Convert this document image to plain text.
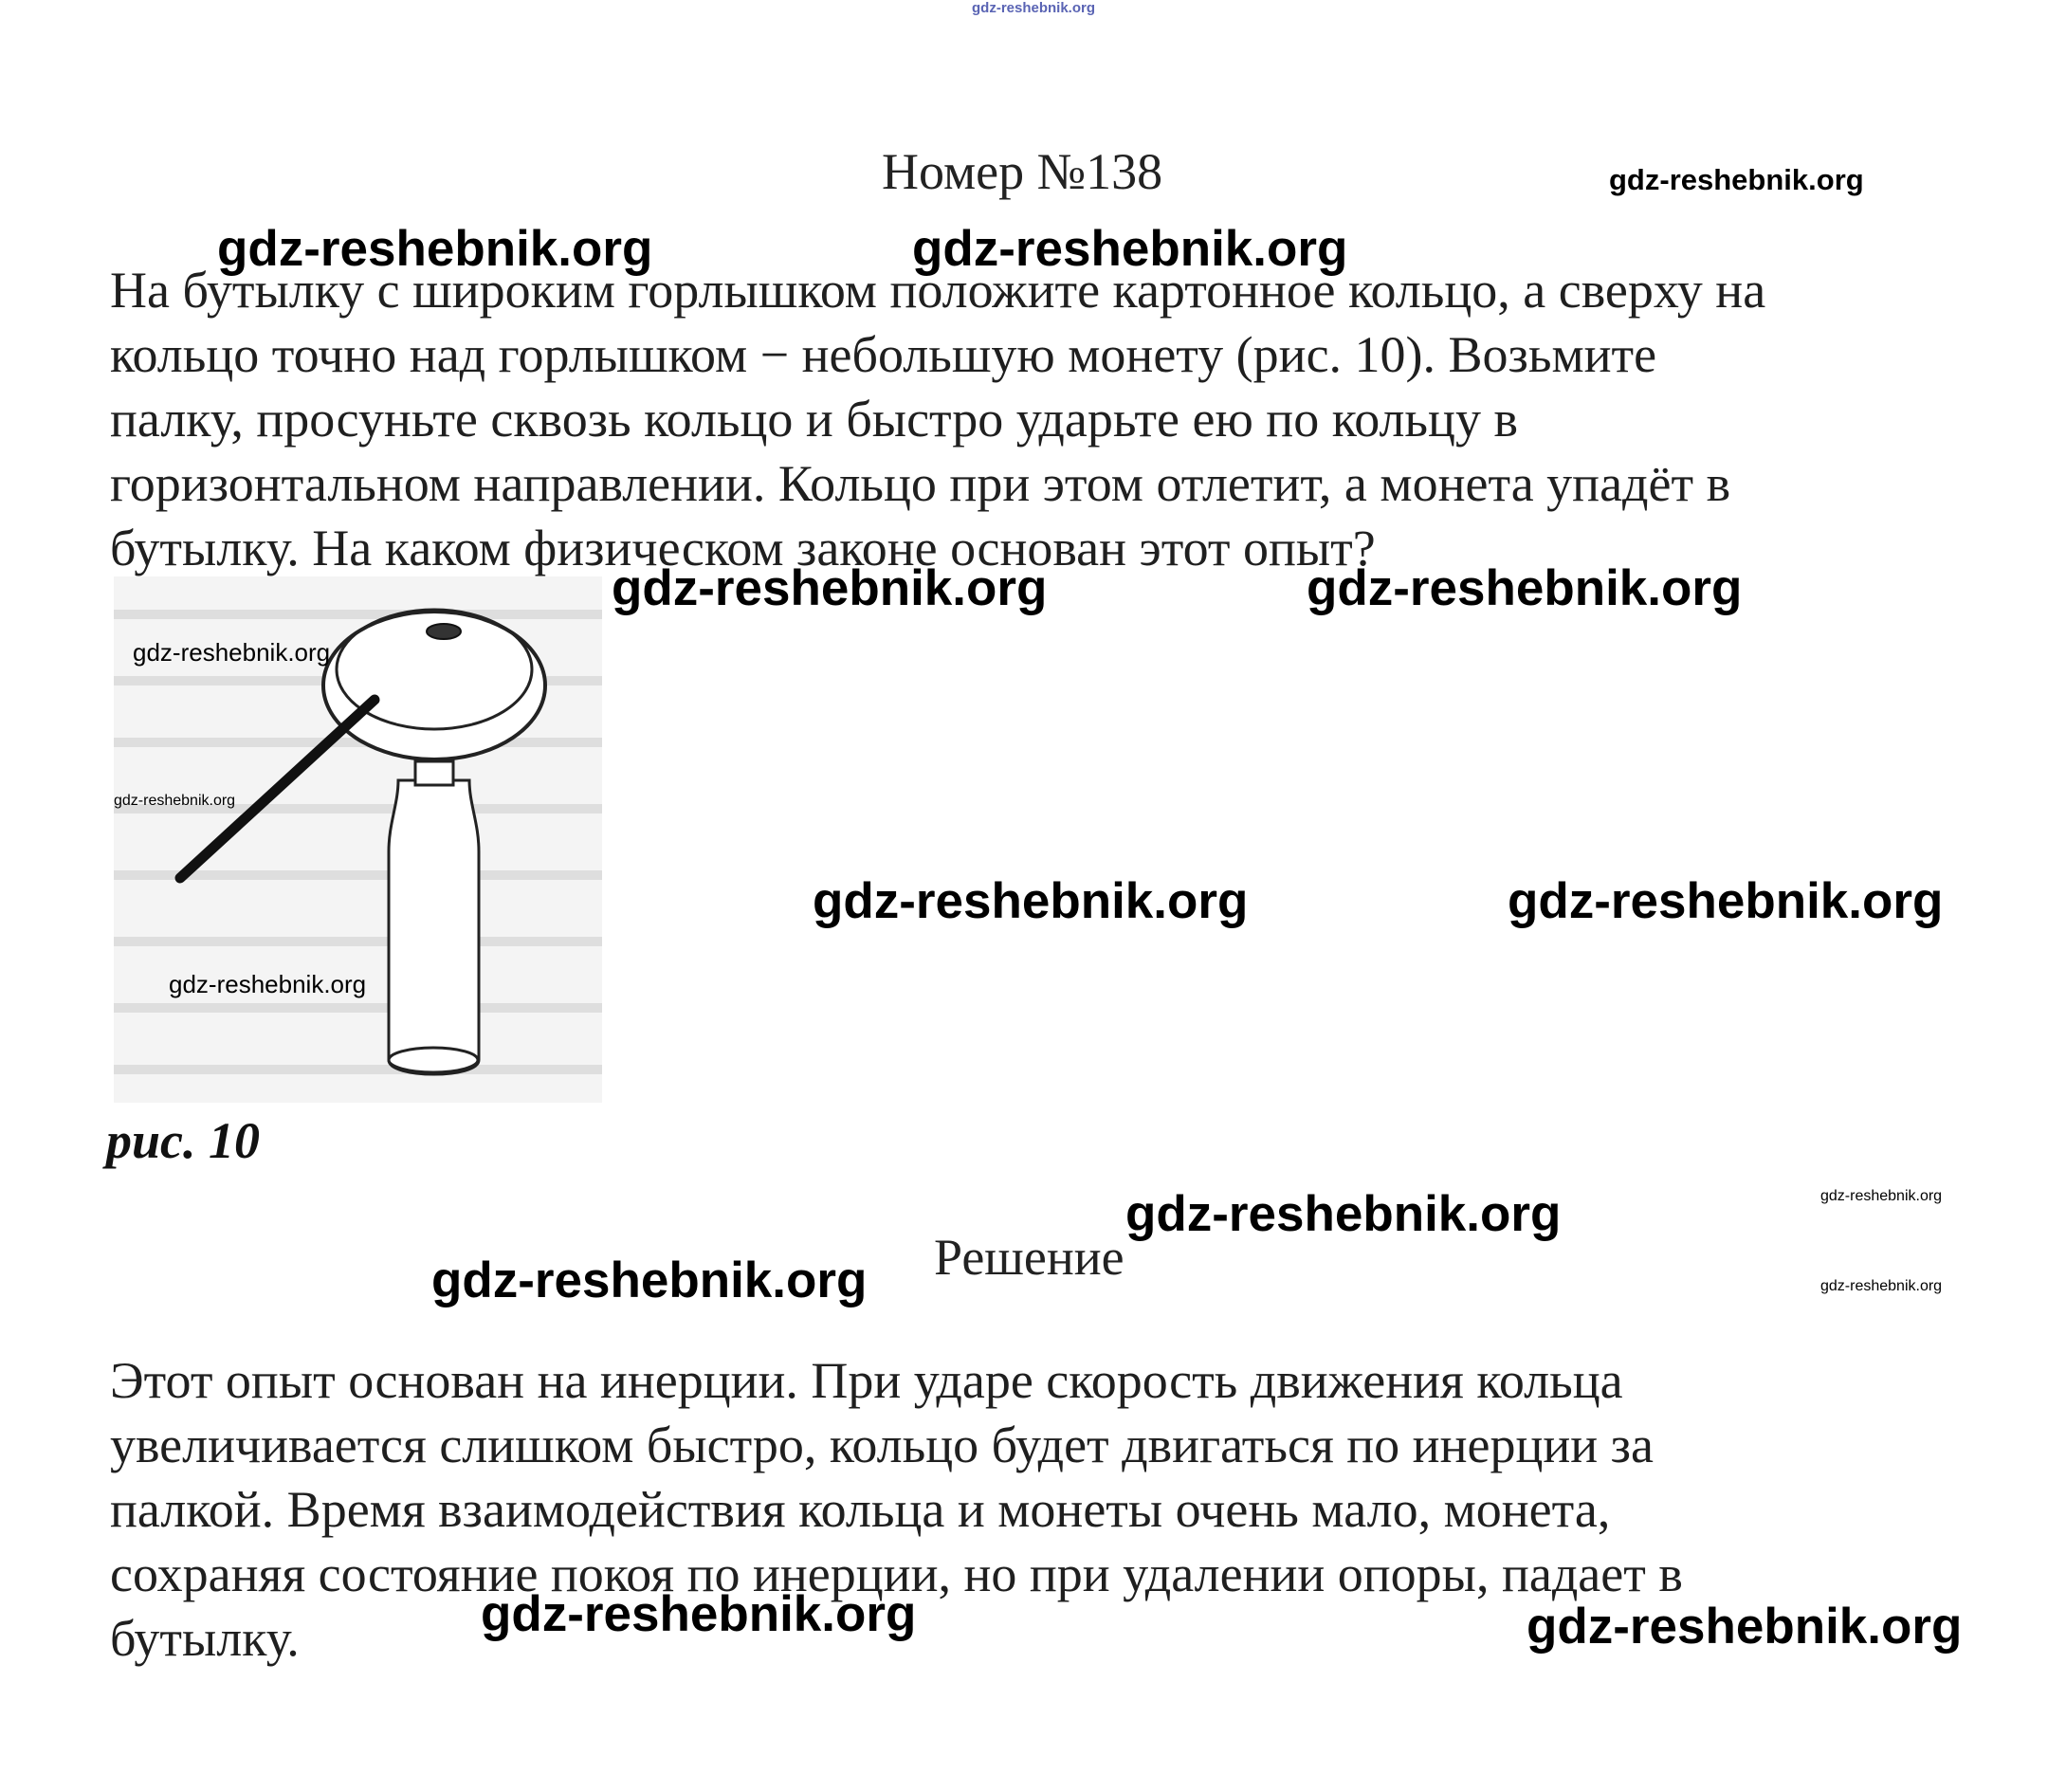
gdz-reshebnik.org
Номер №138
На бутылку с широким горлышком положите картонное кольцо, а сверху на
кольцо точно над горлышком − небольшую монету (рис. 10). Возьмите
палку, просуньте сквозь кольцо и быстро ударьте ею по кольцу в
горизонтальном направлении. Кольцо при этом отлетит, а монета упадёт в
бутылку. На каком физическом законе основан этот опыт?
рис. 10
Решение
Этот опыт основан на инерции. При ударе скорость движения кольца
увеличивается слишком быстро, кольцо будет двигаться по инерции за
палкой. Время взаимодействия кольца и монеты очень мало, монета,
сохраняя состояние покоя по инерции, но при удалении опоры, падает в
бутылку.
gdz-reshebnik.org
gdz-reshebnik.org	gdz-reshebnik.org
gdz-reshebnik.org	gdz-reshebnik.org
gdz-reshebnik.org
gdz-reshebnik.org
gdz-reshebnik.org	gdz-reshebnik.org
gdz-reshebnik.org
gdz-reshebnik.org
gdz-reshebnik.org
gdz-reshebnik.org
gdz-reshebnik.org
gdz-reshebnik.org	gdz-reshebnik.org
